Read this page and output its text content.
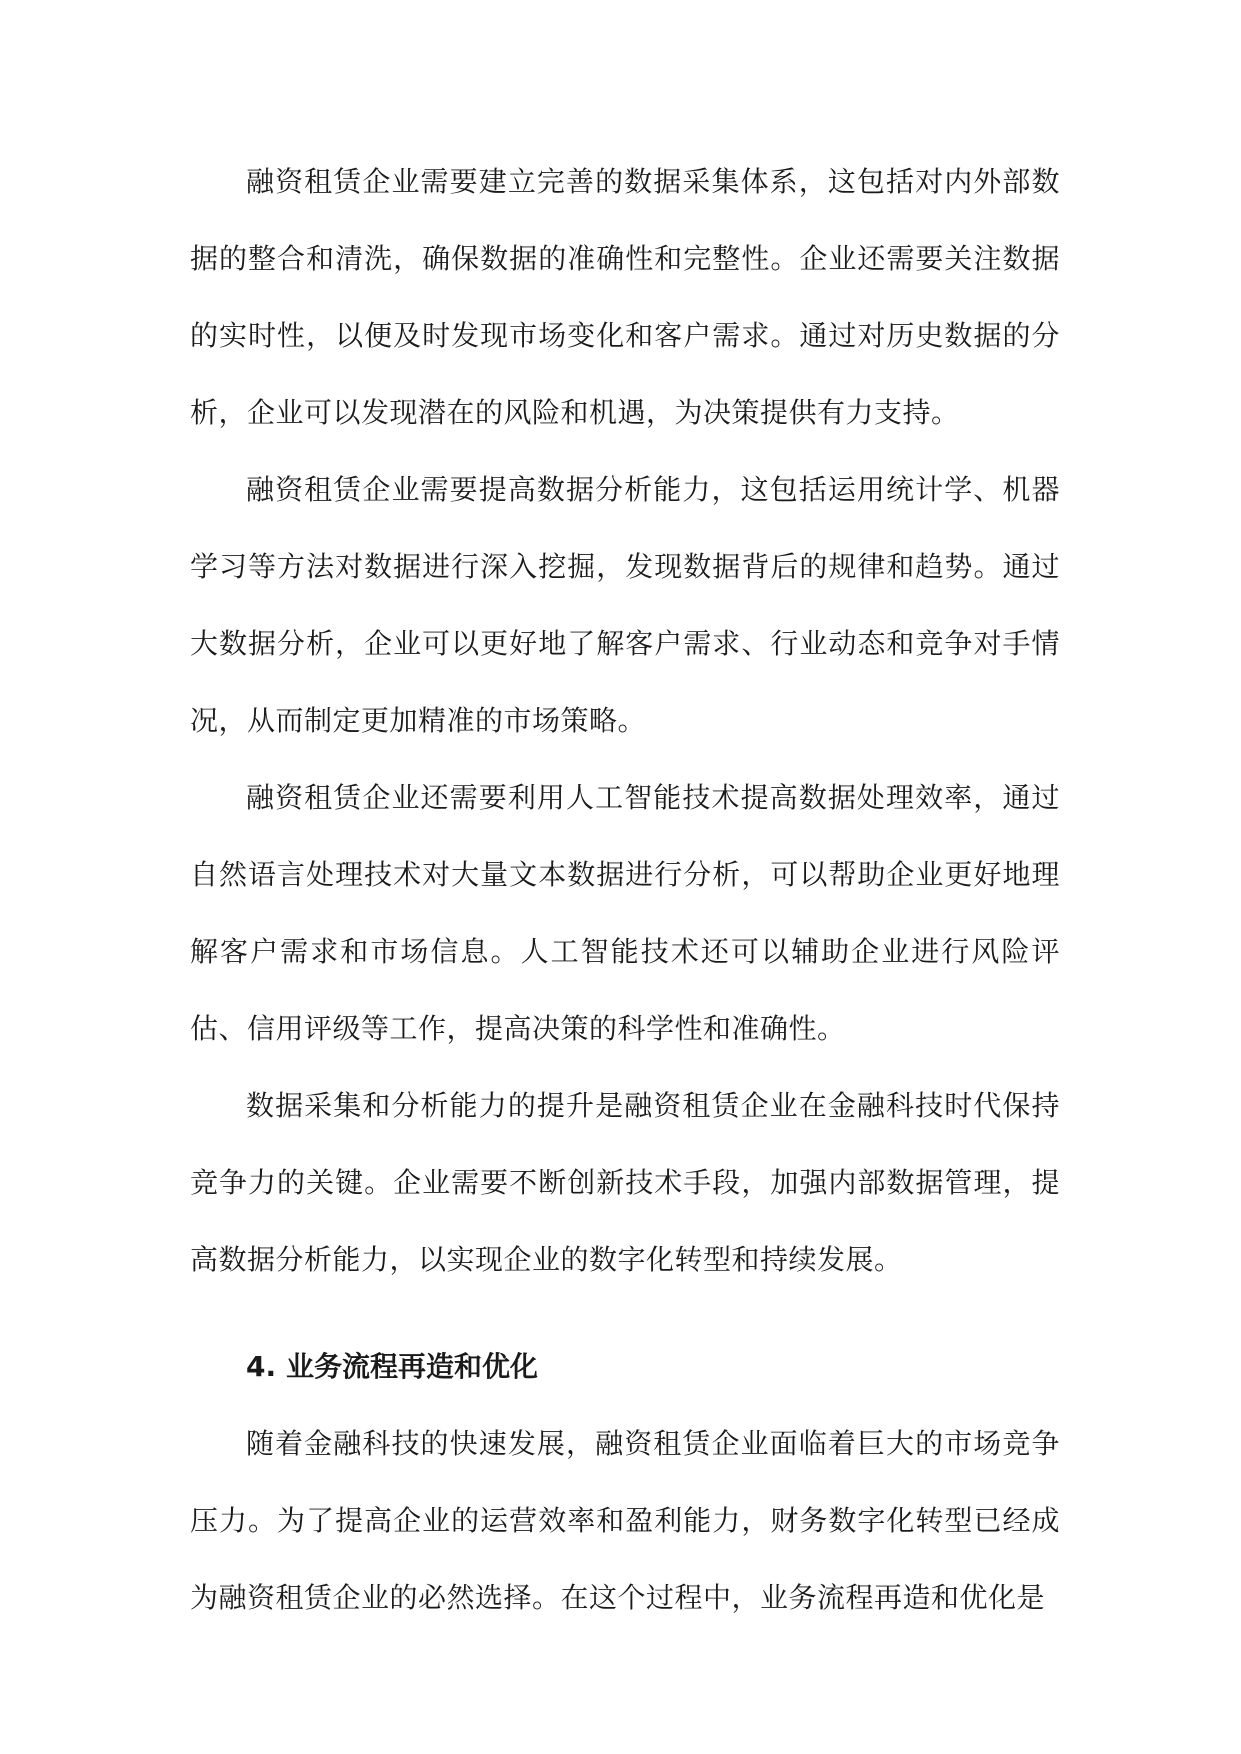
融资租赁企业需要建立完善的数据采集体系，这包括对内外部数据的整合和清洗，确保数据的准确性和完整性。企业还需要关注数据的实时性，以便及时发现市场变化和客户需求。通过对历史数据的分析，企业可以发现潜在的风险和机遇，为决策提供有力支持。

融资租赁企业需要提高数据分析能力，这包括运用统计学、机器学习等方法对数据进行深入挖掘，发现数据背后的规律和趋势。通过大数据分析，企业可以更好地了解客户需求、行业动态和竞争对手情况，从而制定更加精准的市场策略。

融资租赁企业还需要利用人工智能技术提高数据处理效率，通过自然语言处理技术对大量文本数据进行分析，可以帮助企业更好地理解客户需求和市场信息。人工智能技术还可以辅助企业进行风险评估、信用评级等工作，提高决策的科学性和准确性。

数据采集和分析能力的提升是融资租赁企业在金融科技时代保持竞争力的关键。企业需要不断创新技术手段，加强内部数据管理，提高数据分析能力，以实现企业的数字化转型和持续发展。

4. 业务流程再造和优化

随着金融科技的快速发展，融资租赁企业面临着巨大的市场竞争压力。为了提高企业的运营效率和盈利能力，财务数字化转型已经成为融资租赁企业的必然选择。在这个过程中，业务流程再造和优化是
